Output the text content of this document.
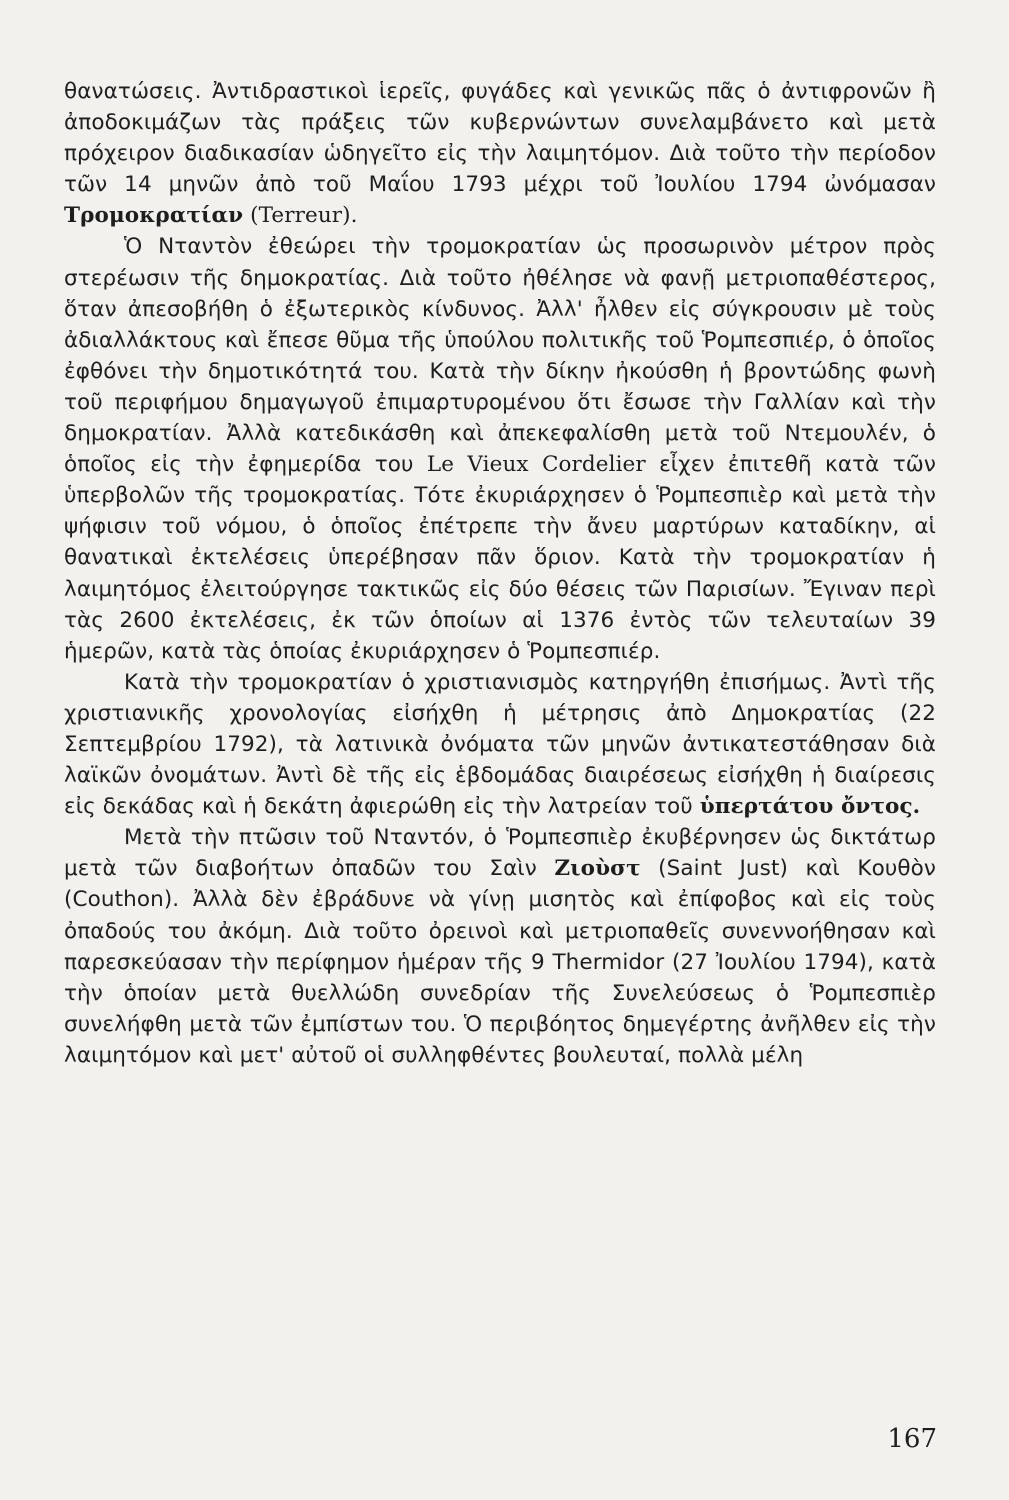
θανατώσεις. Ἀντιδραστικοὶ ἱερεῖς, φυγάδες καὶ γενικῶς πᾶς ὁ ἀντιφρονῶν ἢ ἀποδοκιμάζων τὰς πράξεις τῶν κυβερνώντων συνελαμβάνετο καὶ μετὰ πρόχειρον διαδικασίαν ὡδηγεῖτο εἰς τὴν λαιμητόμον. Διὰ τοῦτο τὴν περίοδον τῶν 14 μηνῶν ἀπὸ τοῦ Μαΐου 1793 μέχρι τοῦ Ἰουλίου 1794 ὠνόμασαν Τρομοκρατίαν (Terreur).

Ὁ Νταντὸν ἐθεώρει τὴν τρομοκρατίαν ὡς προσωρινὸν μέτρον πρὸς στερέωσιν τῆς δημοκρατίας. Διὰ τοῦτο ἠθέλησε νὰ φανῇ μετριοπαθέστερος, ὅταν ἀπεσοβήθη ὁ ἐξωτερικὸς κίνδυνος. Ἀλλ' ἦλθεν εἰς σύγκρουσιν μὲ τοὺς ἀδιαλλάκτους καὶ ἔπεσε θῦμα τῆς ὑπούλου πολιτικῆς τοῦ Ῥομπεσπιέρ, ὁ ὁποῖος ἐφθόνει τὴν δημοτικότητά του. Κατὰ τὴν δίκην ἠκούσθη ἡ βροντώδης φωνὴ τοῦ περιφήμου δημαγωγοῦ ἐπιμαρτυρομένου ὅτι ἔσωσε τὴν Γαλλίαν καὶ τὴν δημοκρατίαν. Ἀλλὰ κατεδικάσθη καὶ ἀπεκεφαλίσθη μετὰ τοῦ Ντεμουλέν, ὁ ὁποῖος εἰς τὴν ἐφημερίδα του Le Vieux Cordelier εἶχεν ἐπιτεθῆ κατὰ τῶν ὑπερβολῶν τῆς τρομοκρατίας. Τότε ἐκυριάρχησεν ὁ Ῥομπεσπιὲρ καὶ μετὰ τὴν ψήφισιν τοῦ νόμου, ὁ ὁποῖος ἐπέτρεπε τὴν ἄνευ μαρτύρων καταδίκην, αἱ θανατικαὶ ἐκτελέσεις ὑπερέβησαν πᾶν ὅριον. Κατὰ τὴν τρομοκρατίαν ἡ λαιμητόμος ἐλειτούργησε τακτικῶς εἰς δύο θέσεις τῶν Παρισίων. Ἔγιναν περὶ τὰς 2600 ἐκτελέσεις, ἐκ τῶν ὁποίων αἱ 1376 ἐντὸς τῶν τελευταίων 39 ἡμερῶν, κατὰ τὰς ὁποίας ἐκυριάρχησεν ὁ Ῥομπεσπιέρ.

Κατὰ τὴν τρομοκρατίαν ὁ χριστιανισμὸς κατηργήθη ἐπισήμως. Ἀντὶ τῆς χριστιανικῆς χρονολογίας εἰσήχθη ἡ μέτρησις ἀπὸ Δημοκρατίας (22 Σεπτεμβρίου 1792), τὰ λατινικὰ ὀνόματα τῶν μηνῶν ἀντικατεστάθησαν διὰ λαϊκῶν ὀνομάτων. Ἀντὶ δὲ τῆς εἰς ἑβδομάδας διαιρέσεως εἰσήχθη ἡ διαίρεσις εἰς δεκάδας καὶ ἡ δεκάτη ἀφιερώθη εἰς τὴν λατρείαν τοῦ ὑπερτάτου ὄντος.

Μετὰ τὴν πτῶσιν τοῦ Νταντόν, ὁ Ῥομπεσπιὲρ ἐκυβέρνησεν ὡς δικτάτωρ μετὰ τῶν διαβοήτων ὀπαδῶν του Σαὶν Ζιοὺστ (Saint Just) καὶ Κουθὸν (Couthon). Ἀλλὰ δὲν ἐβράδυνε νὰ γίνῃ μισητὸς καὶ ἐπίφοβος καὶ εἰς τοὺς ὀπαδούς του ἀκόμη. Διὰ τοῦτο ὀρεινοὶ καὶ μετριοπαθεῖς συνεννοήθησαν καὶ παρεσκεύασαν τὴν περίφημον ἡμέραν τῆς 9 Thermidor (27 Ἰουλίου 1794), κατὰ τὴν ὁποίαν μετὰ θυελλώδη συνεδρίαν τῆς Συνελεύσεως ὁ Ῥομπεσπιὲρ συνελήφθη μετὰ τῶν ἐμπίστων του. Ὁ περιβόητος δημεγέρτης ἀνῆλθεν εἰς τὴν λαιμητόμον καὶ μετ' αὐτοῦ οἱ συλληφθέντες βουλευταί, πολλὰ μέλη

167
